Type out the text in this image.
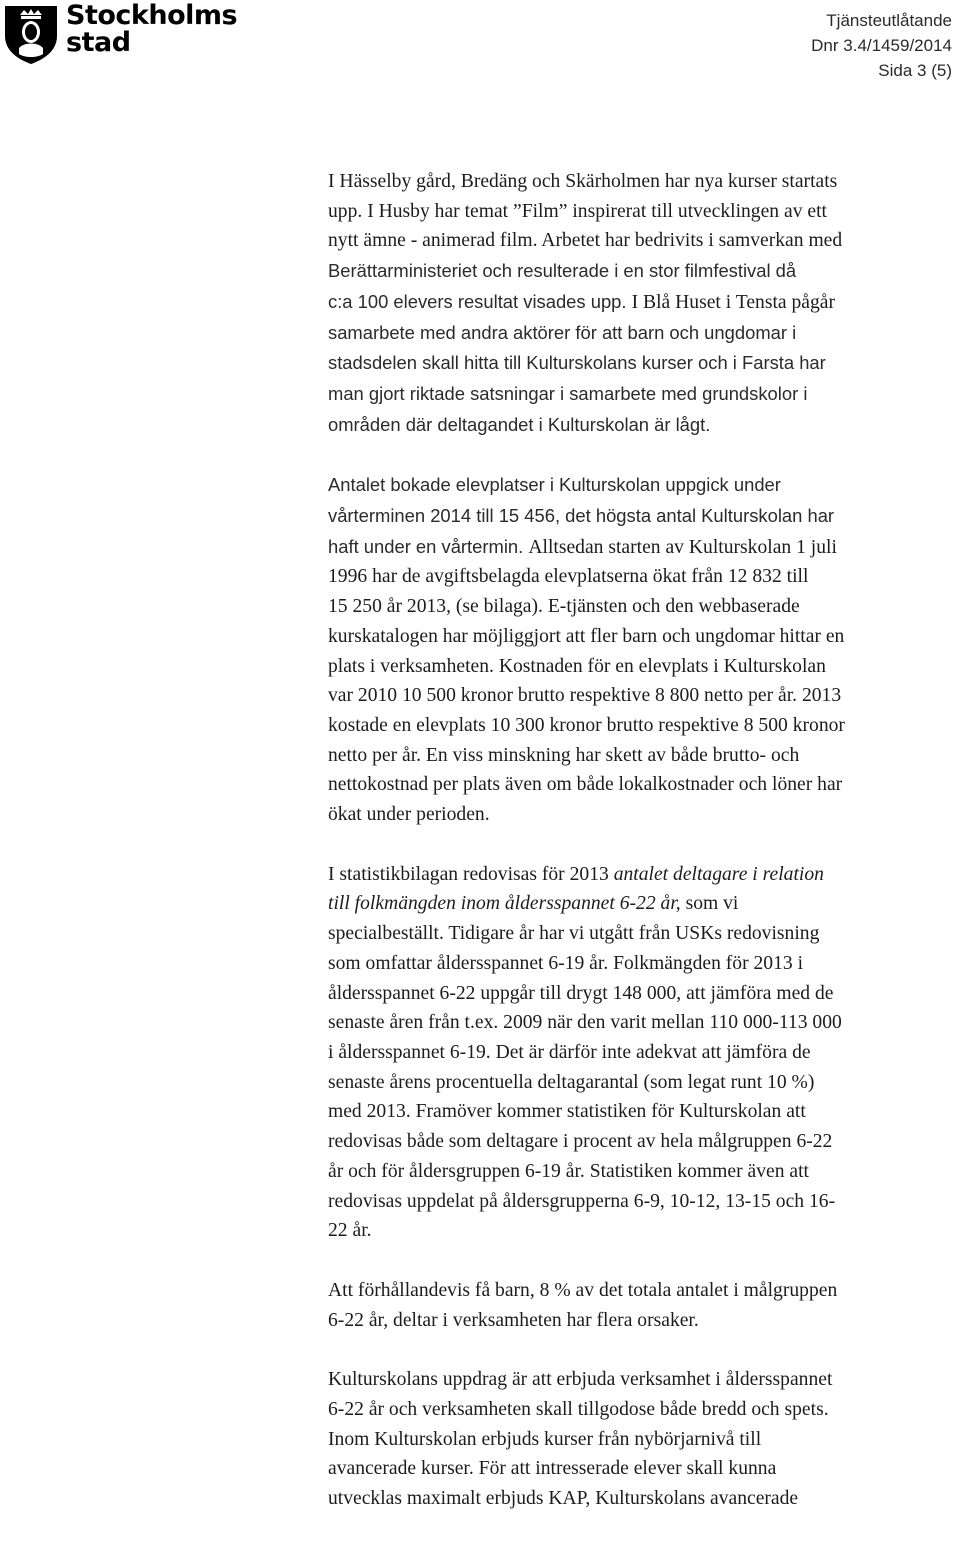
Stockholms
stad
Tjänsteutlåtande
Dnr 3.4/1459/2014
Sida 3 (5)
I Hässelby gård, Bredäng och Skärholmen har nya kurser startats
upp. I Husby har temat ”Film” inspirerat till utvecklingen av ett
nytt ämne - animerad film. Arbetet har bedrivits i samverkan med
Berättarministeriet och resulterade i en stor filmfestival då
c:a 100 elevers resultat visades upp. I Blå Huset i Tensta pågår
samarbete med andra aktörer för att barn och ungdomar i
stadsdelen skall hitta till Kulturskolans kurser och i Farsta har
man gjort riktade satsningar i samarbete med grundskolor i
områden där deltagandet i Kulturskolan är lågt.
Antalet bokade elevplatser i Kulturskolan uppgick under
vårterminen 2014 till 15 456, det högsta antal Kulturskolan har
haft under en vårtermin. Alltsedan starten av Kulturskolan 1 juli
1996 har de avgiftsbelagda elevplatserna ökat från 12 832 till
15 250 år 2013, (se bilaga). E-tjänsten och den webbaserade
kurskatalogen har möjliggjort att fler barn och ungdomar hittar en
plats i verksamheten. Kostnaden för en elevplats i Kulturskolan
var 2010 10 500 kronor brutto respektive 8 800 netto per år. 2013
kostade en elevplats 10 300 kronor brutto respektive 8 500 kronor
netto per år. En viss minskning har skett av både brutto- och
nettokostnad per plats även om både lokalkostnader och löner har
ökat under perioden.
I statistikbilagan redovisas för 2013 antalet deltagare i relation
till folkmängden inom åldersspannet 6-22 år, som vi
specialbeställt. Tidigare år har vi utgått från USKs redovisning
som omfattar åldersspannet 6-19 år. Folkmängden för 2013 i
åldersspannet 6-22 uppgår till drygt 148 000, att jämföra med de
senaste åren från t.ex. 2009 när den varit mellan 110 000-113 000
i åldersspannet 6-19. Det är därför inte adekvat att jämföra de
senaste årens procentuella deltagarantal (som legat runt 10 %)
med 2013. Framöver kommer statistiken för Kulturskolan att
redovisas både som deltagare i procent av hela målgruppen 6-22
år och för åldersgruppen 6-19 år. Statistiken kommer även att
redovisas uppdelat på åldersgrupperna 6-9, 10-12, 13-15 och 16-
22 år.
Att förhållandevis få barn, 8 % av det totala antalet i målgruppen
6-22 år, deltar i verksamheten har flera orsaker.
Kulturskolans uppdrag är att erbjuda verksamhet i åldersspannet
6-22 år och verksamheten skall tillgodose både bredd och spets.
Inom Kulturskolan erbjuds kurser från nybörjarnivå till
avancerade kurser. För att intresserade elever skall kunna
utvecklas maximalt erbjuds KAP, Kulturskolans avancerade
